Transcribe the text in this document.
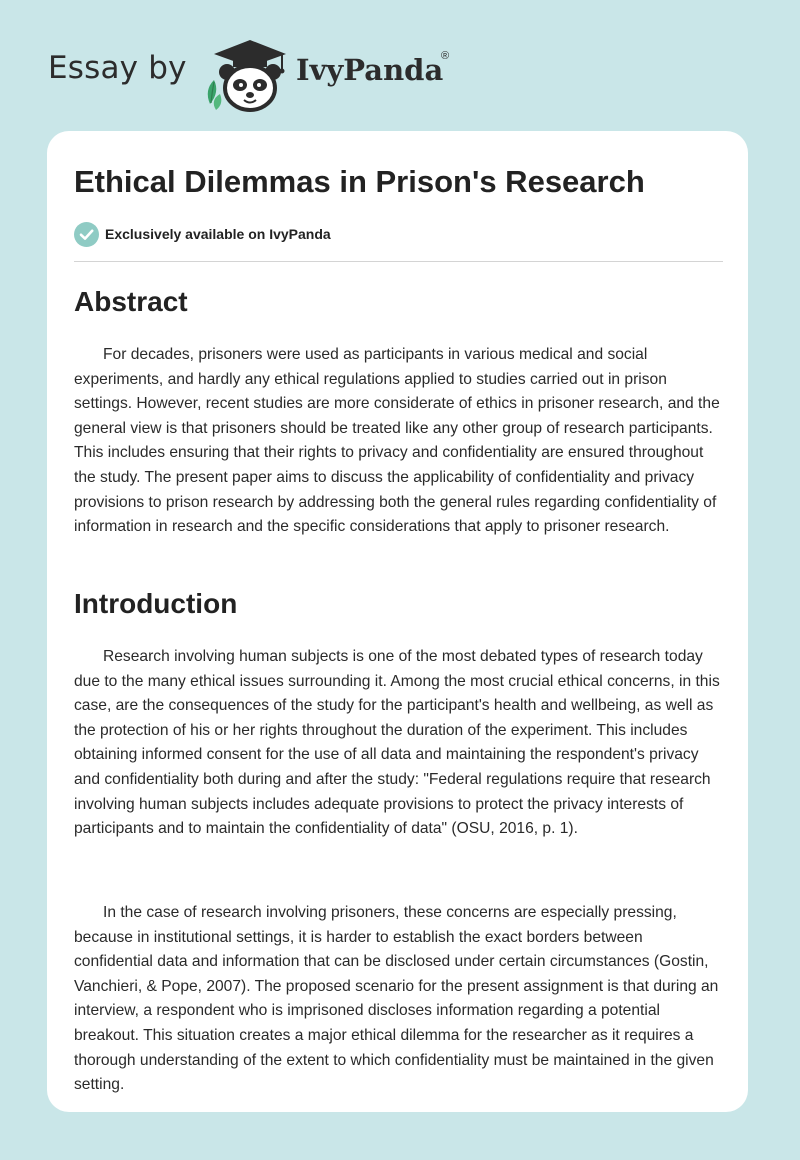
Essay by	IvyPanda
®
Ethical Dilemmas in Prison's Research
Exclusively available on IvyPanda
Abstract

For decades, prisoners were used as participants in various medical and social experiments, and hardly any ethical regulations applied to studies carried out in prison settings. However, recent studies are more considerate of ethics in prisoner research, and the general view is that prisoners should be treated like any other group of research participants. This includes ensuring that their rights to privacy and confidentiality are ensured throughout the study. The present paper aims to discuss the applicability of confidentiality and privacy provisions to prison research by addressing both the general rules regarding confidentiality of information in research and the specific considerations that apply to prisoner research.

Introduction

Research involving human subjects is one of the most debated types of research today due to the many ethical issues surrounding it. Among the most crucial ethical concerns, in this case, are the consequences of the study for the participant's health and wellbeing, as well as the protection of his or her rights throughout the duration of the experiment. This includes obtaining informed consent for the use of all data and maintaining the respondent's privacy and confidentiality both during and after the study: "Federal regulations require that research involving human subjects includes adequate provisions to protect the privacy interests of participants and to maintain the confidentiality of data" (OSU, 2016, p. 1).

In the case of research involving prisoners, these concerns are especially pressing, because in institutional settings, it is harder to establish the exact borders between confidential data and information that can be disclosed under certain circumstances (Gostin, Vanchieri, & Pope, 2007). The proposed scenario for the present assignment is that during an interview, a respondent who is imprisoned discloses information regarding a potential breakout. This situation creates a major ethical dilemma for the researcher as it requires a thorough understanding of the extent to which confidentiality must be maintained in the given setting.
